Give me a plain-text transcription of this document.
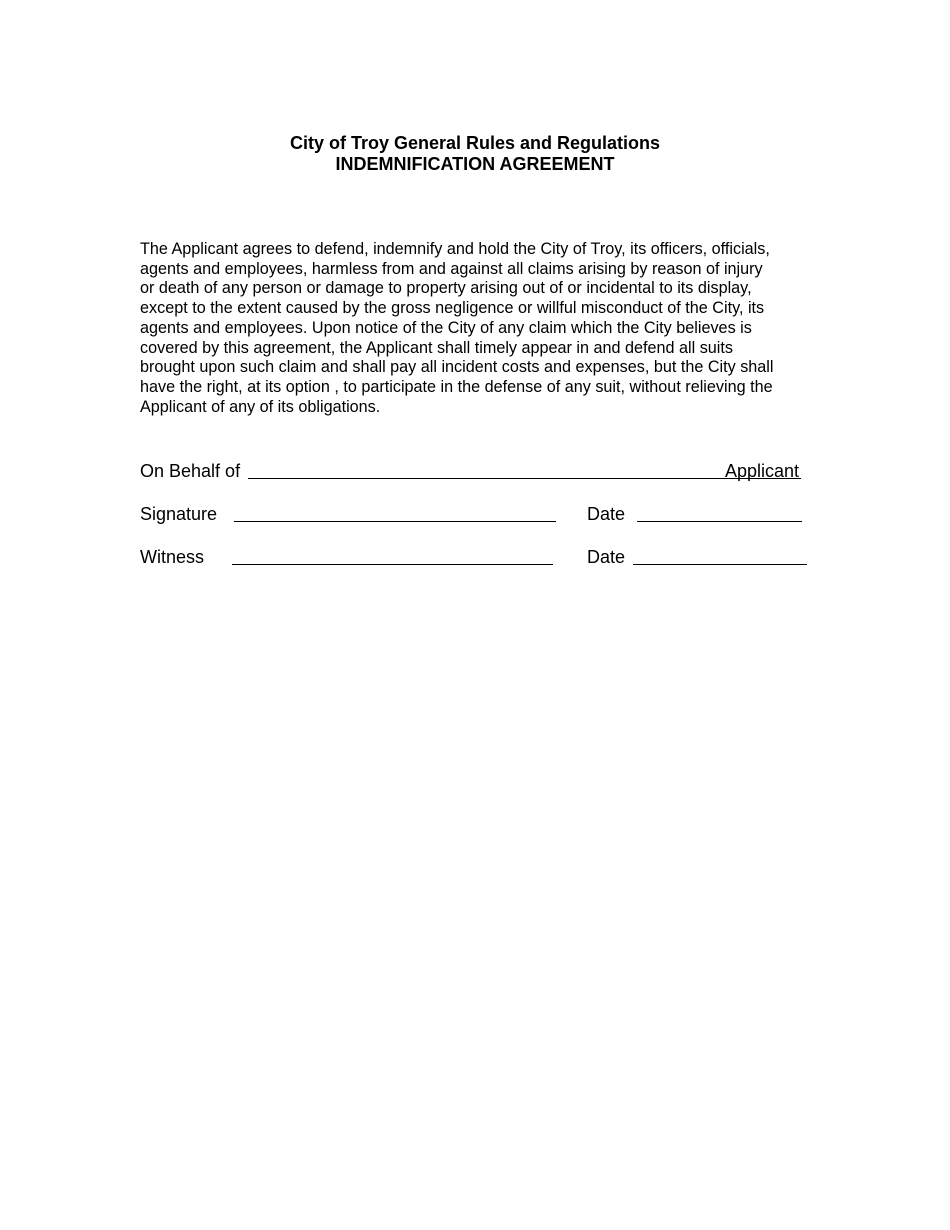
City of Troy General Rules and Regulations
INDEMNIFICATION AGREEMENT
The Applicant agrees to defend, indemnify and hold the City of Troy, its officers, officials,
agents and employees, harmless from and against all claims arising by reason of injury
or death of any person or damage to property arising out of or incidental to its display,
except to the extent caused by the gross negligence or willful misconduct of the City, its
agents and employees. Upon notice of the City of any claim which the City believes is
covered by this agreement, the Applicant shall timely appear in and defend all suits
brought upon such claim and shall pay all incident costs and expenses, but the City shall
have the right, at its option , to participate in the defense of any suit, without relieving the
Applicant of any of its obligations.
On Behalf of	Applicant
Signature	Date
Witness	Date
